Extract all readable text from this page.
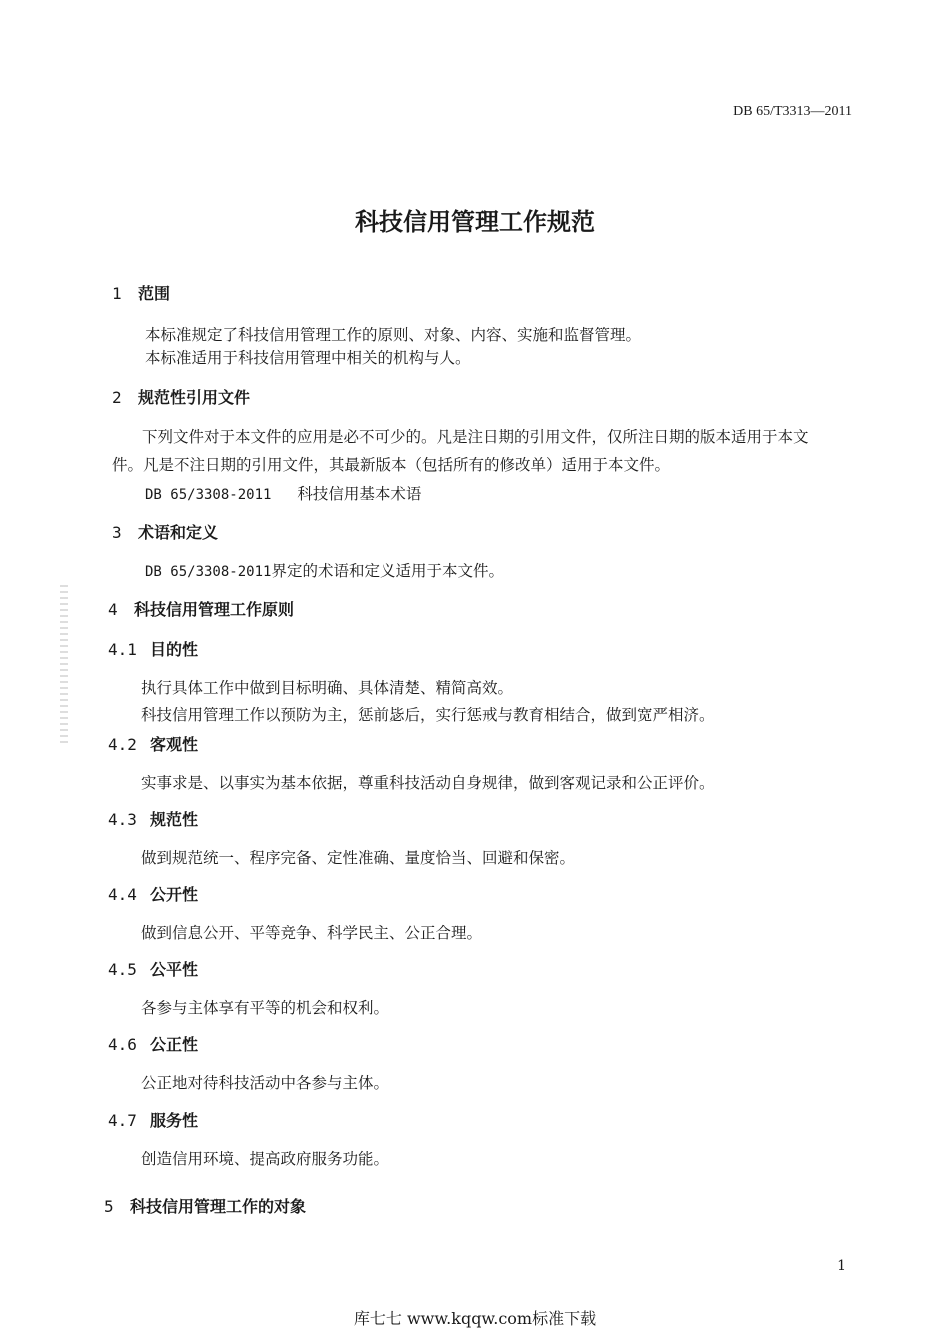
DB 65/T3313—2011
科技信用管理工作规范
1 范围
本标准规定了科技信用管理工作的原则、对象、内容、实施和监督管理。
本标准适用于科技信用管理中相关的机构与人。
2 规范性引用文件
下列文件对于本文件的应用是必不可少的。凡是注日期的引用文件，仅所注日期的版本适用于本文件。凡是不注日期的引用文件，其最新版本（包括所有的修改单）适用于本文件。
DB 65/3308-2011 科技信用基本术语
3 术语和定义
DB 65/3308-2011界定的术语和定义适用于本文件。
4 科技信用管理工作原则
4.1 目的性
执行具体工作中做到目标明确、具体清楚、精简高效。
科技信用管理工作以预防为主，惩前毖后，实行惩戒与教育相结合，做到宽严相济。
4.2 客观性
实事求是、以事实为基本依据，尊重科技活动自身规律，做到客观记录和公正评价。
4.3 规范性
做到规范统一、程序完备、定性准确、量度恰当、回避和保密。
4.4 公开性
做到信息公开、平等竞争、科学民主、公正合理。
4.5 公平性
各参与主体享有平等的机会和权利。
4.6 公正性
公正地对待科技活动中各参与主体。
4.7 服务性
创造信用环境、提高政府服务功能。
5 科技信用管理工作的对象
1
库七七 www.kqqw.com标准下载
